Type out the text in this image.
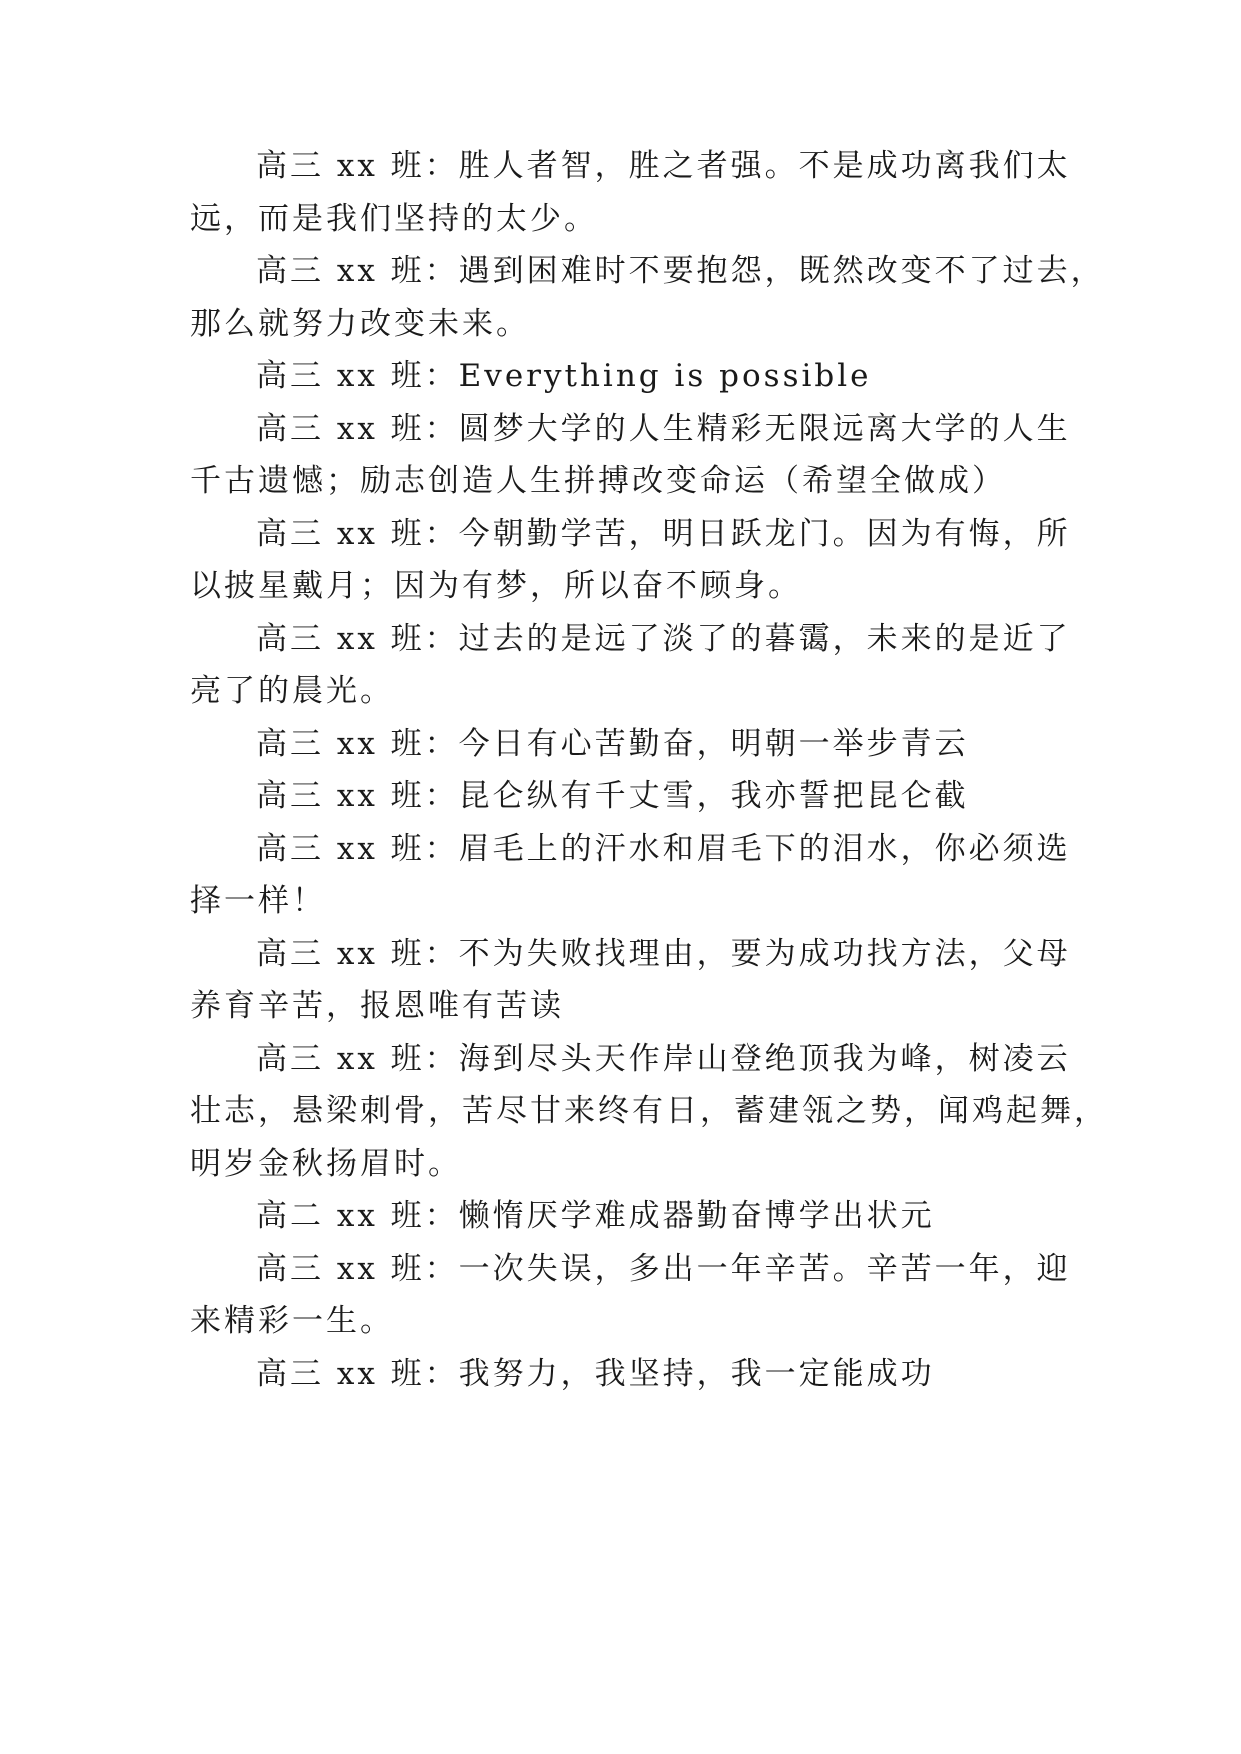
高三 xx 班：胜人者智，胜之者强。不是成功离我们太
远，而是我们坚持的太少。
高三 xx 班：遇到困难时不要抱怨，既然改变不了过去，
那么就努力改变未来。
高三 xx 班：Everything is possible
高三 xx 班：圆梦大学的人生精彩无限远离大学的人生
千古遗憾；励志创造人生拼搏改变命运（希望全做成）
高三 xx 班：今朝勤学苦，明日跃龙门。因为有悔，所
以披星戴月；因为有梦，所以奋不顾身。
高三 xx 班：过去的是远了淡了的暮霭，未来的是近了
亮了的晨光。
高三 xx 班：今日有心苦勤奋，明朝一举步青云
高三 xx 班：昆仑纵有千丈雪，我亦誓把昆仑截
高三 xx 班：眉毛上的汗水和眉毛下的泪水，你必须选
择一样！
高三 xx 班：不为失败找理由，要为成功找方法，父母
养育辛苦，报恩唯有苦读
高三 xx 班：海到尽头天作岸山登绝顶我为峰，树凌云
壮志，悬梁刺骨，苦尽甘来终有日，蓄建瓴之势，闻鸡起舞，
明岁金秋扬眉时。
高二 xx 班：懒惰厌学难成器勤奋博学出状元
高三 xx 班：一次失误，多出一年辛苦。辛苦一年，迎
来精彩一生。
高三 xx 班：我努力，我坚持，我一定能成功
